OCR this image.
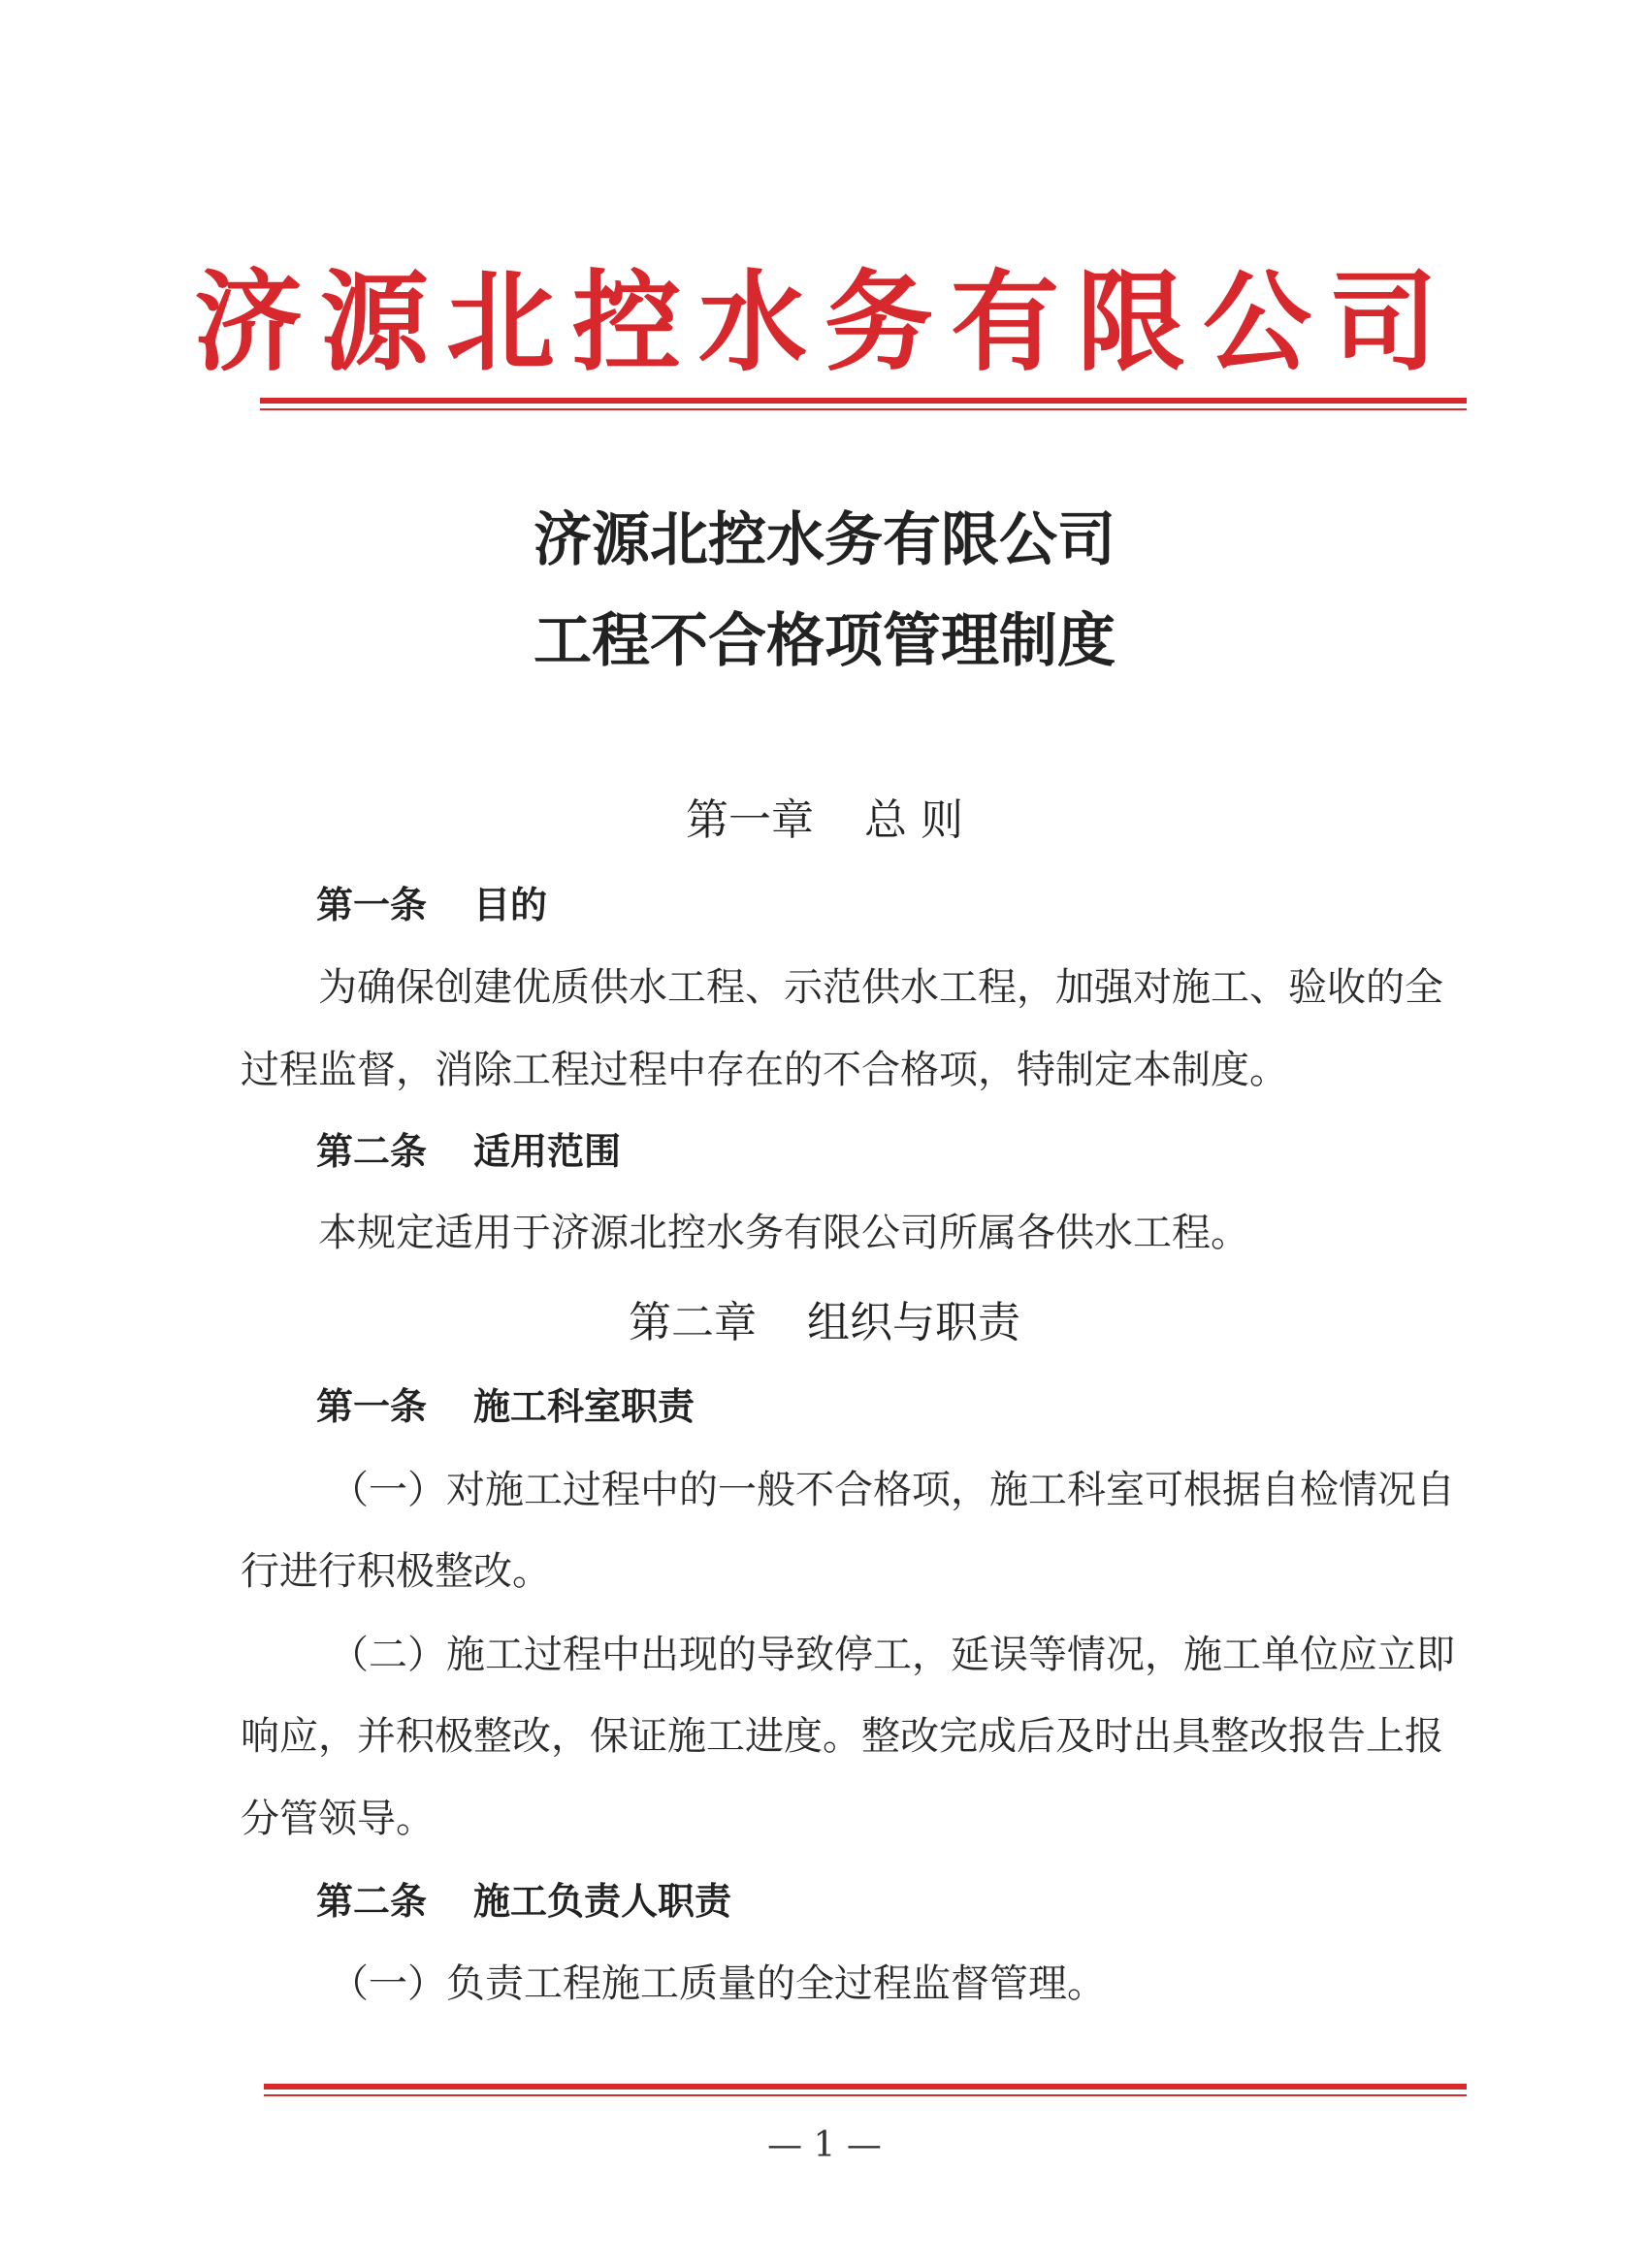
济源北控水务有限公司
济源北控水务有限公司
工程不合格项管理制度
第一章 总 则
第一条 目的
为确保创建优质供水工程、示范供水工程，加强对施工、验收的全
过程监督，消除工程过程中存在的不合格项，特制定本制度。
第二条 适用范围
本规定适用于济源北控水务有限公司所属各供水工程。
第二章 组织与职责
第一条 施工科室职责
（一）对施工过程中的一般不合格项，施工科室可根据自检情况自
行进行积极整改。
（二）施工过程中出现的导致停工，延误等情况，施工单位应立即
响应，并积极整改，保证施工进度。整改完成后及时出具整改报告上报
分管领导。
第二条 施工负责人职责
（一）负责工程施工质量的全过程监督管理。
— 1 —
